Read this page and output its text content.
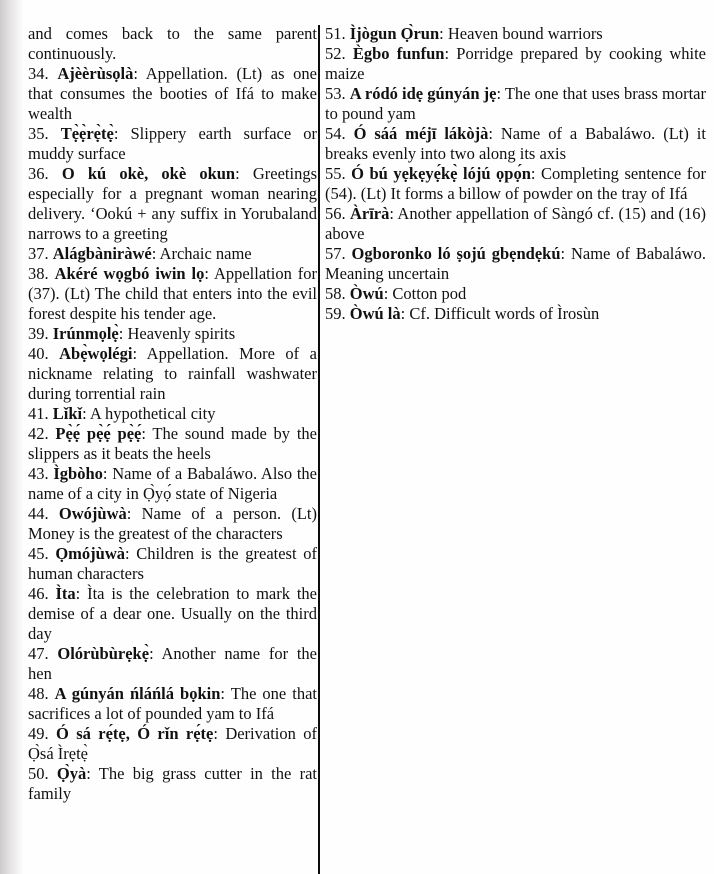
and comes back to the same parent continuously.

34. Ajèèrùsọlà: Appellation. (Lt) as one that consumes the booties of Ifá to make wealth

35. Tẹ̀ẹ̀rẹ̀tẹ̀: Slippery earth surface or muddy surface

36. O kú okè, okè okun: Greetings especially for a pregnant woman nearing delivery. ‘Ookú + any suffix in Yorubaland narrows to a greeting

37. Alágbàniràwé: Archaic name

38. Akéré wọgbó iwin lọ: Appellation for (37). (Lt) The child that enters into the evil forest despite his tender age.

39. Irúnmọlẹ̀: Heavenly spirits

40. Abẹ̀wọlégi: Appellation. More of a nickname relating to rainfall washwater during torrential rain

41. Lǐkǐ: A hypothetical city

42. Pẹ̀ẹ́ pẹ̀ẹ́ pẹ̀ẹ́: The sound made by the slippers as it beats the heels

43. Ìgbòho: Name of a Babaláwo. Also the name of a city in Ọ̀yọ́ state of Nigeria

44. Owójùwà: Name of a person. (Lt) Money is the greatest of the characters

45. Ọmójùwà: Children is the greatest of human characters

46. Ìta: Ìta is the celebration to mark the demise of a dear one. Usually on the third day

47. Olórùbùrẹkẹ̀: Another name for the hen

48. A gúnyán ńláńlá bọkin: The one that sacrifices a lot of pounded yam to Ifá

49. Ó sá rẹ́tẹ, Ó rǐn rẹ́tẹ: Derivation of Ọ̀sá Ìrẹtẹ̀

50. Ọ̀yà: The big grass cutter in the rat family

51. Ìjògun Ọ̀run: Heaven bound warriors

52. Ègbo funfun: Porridge prepared by cooking white maize

53. A ródó idẹ gúnyán jẹ: The one that uses brass mortar to pound yam

54. Ó sáá méjī lákòjà: Name of a Babaláwo. (Lt) it breaks evenly into two along its axis

55. Ó bú yẹkẹyẹ́kẹ̀ lójú ọpọ́n: Completing sentence for (54). (Lt) It forms a billow of powder on the tray of Ifá

56. Àrīrà: Another appellation of Sàngó cf. (15) and (16) above

57. Ogboronko ló ṣojú gbẹndẹkú: Name of Babaláwo. Meaning uncertain

58. Òwú: Cotton pod

59. Òwú là: Cf. Difficult words of Ìrosùn
